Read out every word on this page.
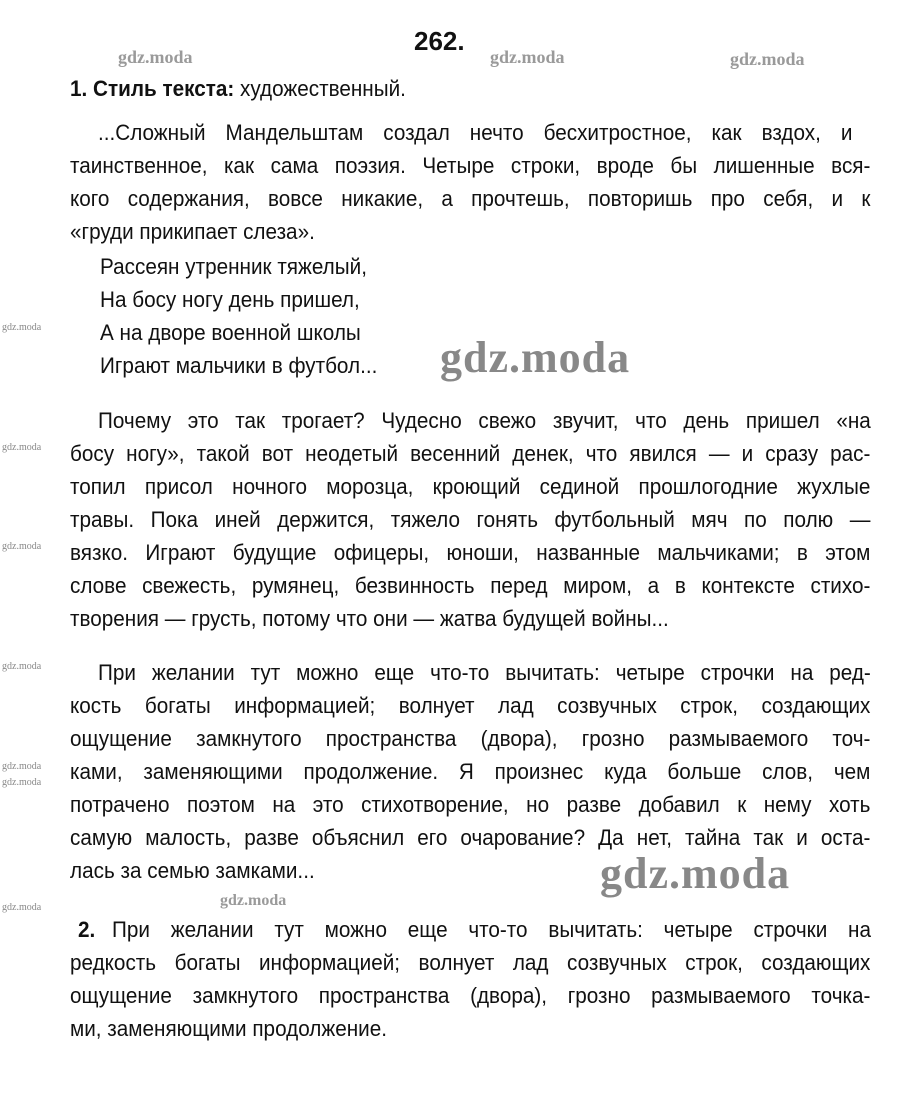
262.
gdz.moda	gdz.moda	gdz.moda
gdz.moda
gdz.moda
gdz.moda
gdz.moda
gdz.moda
gdz.moda
gdz.moda
gdz.moda
gdz.moda	gdz.moda
1. Стиль текста: художественный.
...Сложный Мандельштам создал нечто бесхитростное, как вздох, и
таинственное, как сама поэзия. Четыре строки, вроде бы лишенные вся-
кого содержания, вовсе никакие, а прочтешь, повторишь про себя, и к
«груди прикипает слеза».
Рассеян утренник тяжелый,
На босу ногу день пришел,
А на дворе военной школы
Играют мальчики в футбол...
Почему это так трогает? Чудесно свежо звучит, что день пришел «на
босу ногу», такой вот неодетый весенний денек, что явился — и сразу рас-
топил присол ночного морозца, кроющий сединой прошлогодние жухлые
травы. Пока иней держится, тяжело гонять футбольный мяч по полю —
вязко. Играют будущие офицеры, юноши, названные мальчиками; в этом
слове свежесть, румянец, безвинность перед миром, а в контексте стихо-
творения — грусть, потому что они — жатва будущей войны...
При желании тут можно еще что-то вычитать: четыре строчки на ред-
кость богаты информацией; волнует лад созвучных строк, создающих
ощущение замкнутого пространства (двора), грозно размываемого точ-
ками, заменяющими продолжение. Я произнес куда больше слов, чем
потрачено поэтом на это стихотворение, но разве добавил к нему хоть
самую малость, разве объяснил его очарование? Да нет, тайна так и оста-
лась за семью замками...
2. При желании тут можно еще что-то вычитать: четыре строчки на
редкость богаты информацией; волнует лад созвучных строк, создающих
ощущение замкнутого пространства (двора), грозно размываемого точка-
ми, заменяющими продолжение.
